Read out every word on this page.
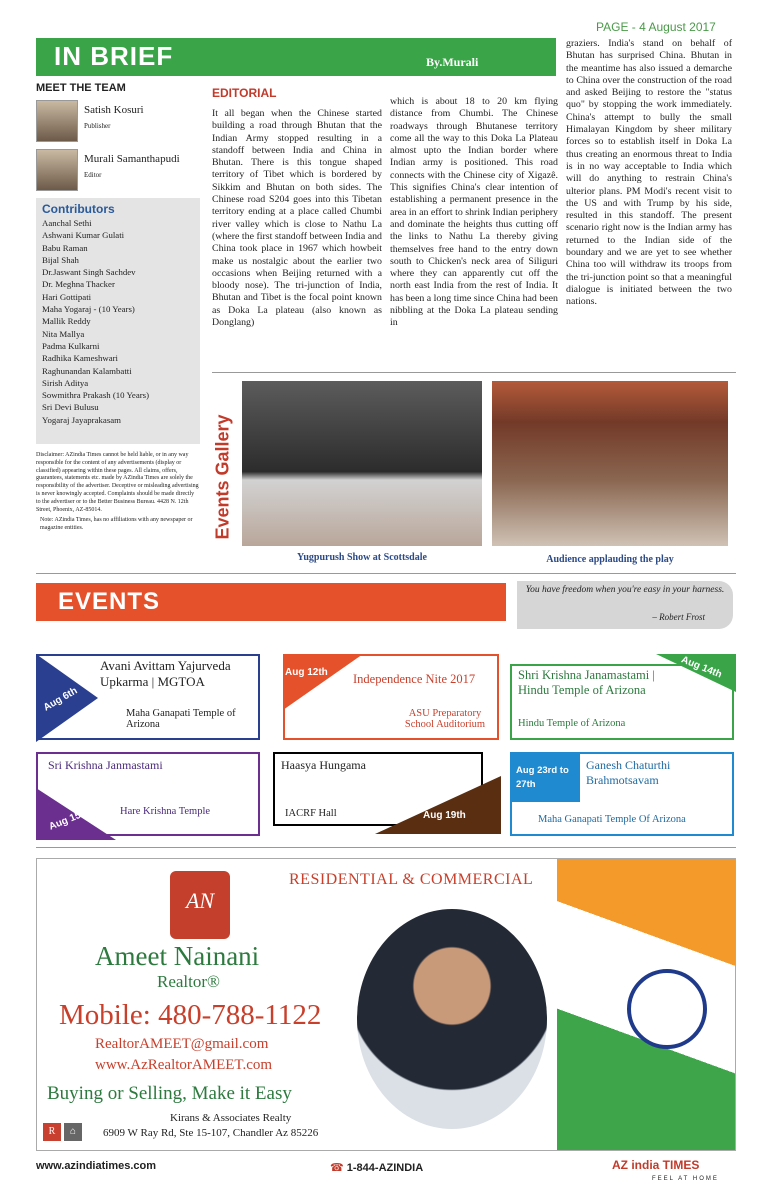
PAGE - 4 August 2017
IN BRIEF	By.Murali
MEET THE TEAM
Satish Kosuri
Publisher
Murali Samanthapudi
Editor
Contributors
Aanchal Sethi
Ashwani Kumar Gulati
Babu Raman
Bijal Shah
Dr.Jaswant Singh Sachdev
Dr. Meghna Thacker
Hari Gottipati
Maha Yogaraj - (10 Years)
Mallik Reddy
Nita Mallya
Padma Kulkarni
Radhika Kameshwari
Raghunandan Kalambatti
Sirish Aditya
Sowmithra Prakash (10 Years)
Sri Devi Bulusu
Yogaraj Jayaprakasam
Disclaimer: AZindia Times cannot be held liable, or in any way responsible for the content of any advertisements (display or classified) appearing within these pages. All claims, offers, guarantees, statements etc. made by AZindia Times are solely the responsibility of the advertiser. Deceptive or misleading advertising is never knowingly accepted. Complaints should be made directly to the advertiser or to the Better Business Bureau. 4428 N. 12th Street, Phoenix, AZ-85014.
Note: AZindia Times, has no affiliations with any newspaper or magazine entities.
EDITORIAL
It all began when the Chinese started building a road through Bhutan that the Indian Army stopped resulting in a standoff between India and China in Bhutan. There is this tongue shaped territory of Tibet which is bordered by Sikkim and Bhutan on both sides. The Chinese road S204 goes into this Tibetan territory ending at a place called Chumbi river valley which is close to Nathu La (where the first standoff between India and China took place in 1967 which howbeit make us nostalgic about the earlier two occasions when Beijing returned with a bloody nose). The tri-junction of India, Bhutan and Tibet is the focal point known as Doka La plateau (also known as Donglang)
which is about 18 to 20 km flying distance from Chumbi. The Chinese roadways through Bhutanese territory come all the way to this Doka La Plateau almost upto the Indian border where Indian army is positioned. This road connects with the Chinese city of Xigazê. This signifies China's clear intention of establishing a permanent presence in the area in an effort to shrink Indian periphery and dominate the heights thus cutting off the links to Nathu La thereby giving themselves free hand to the entry down south to Chicken's neck area of Siliguri where they can apparently cut off the north east India from the rest of India. It has been a long time since China had been nibbling at the Doka La plateau sending in
graziers. India's stand on behalf of Bhutan has surprised China. Bhutan in the meantime has also issued a demarche to China over the construction of the road and asked Beijing to restore the "status quo" by stopping the work immediately. China's attempt to bully the small Himalayan Kingdom by sheer military forces so to establish itself in Doka La thus creating an enormous threat to India is in no way acceptable to India which will do anything to restrain China's ulterior plans. PM Modi's recent visit to the US and with Trump by his side, resulted in this standoff. The present scenario right now is the Indian army has returned to the Indian side of the boundary and we are yet to see whether China too will withdraw its troops from the tri-junction point so that a meaningful dialogue is initiated between the two nations.
Events Gallery
Yugpurush Show at Scottsdale	Audience applauding the play
EVENTS	You have freedom when you're easy in your harness.
– Robert Frost
Aug 6th
Avani Avittam Yajurveda Upkarma | MGTOA
Maha Ganapati Temple of Arizona
Aug 12th Independence Nite 2017
ASU Preparatory School Auditorium
Aug 14th
Shri Krishna Janamastami | Hindu Temple of Arizona
Hindu Temple of Arizona
Aug 15th
Sri Krishna Janmastami
Hare Krishna Temple	Aug 19th
Haasya Hungama
IACRF Hall
Aug 23rd to 27th
Ganesh Chaturthi Brahmotsavam
Maha Ganapati Temple Of Arizona
RESIDENTIAL & COMMERCIAL
AN
Ameet Nainani
Realtor®
Mobile: 480-788-1122
RealtorAMEET@gmail.com
www.AzRealtorAMEET.com
Buying or Selling, Make it Easy
R ⌂
Kirans & Associates Realty
6909 W Ray Rd, Ste 15-107, Chandler Az 85226
www.azindiatimes.com	☎ 1-844-AZINDIA	AZ india TIMES
FEEL AT HOME
